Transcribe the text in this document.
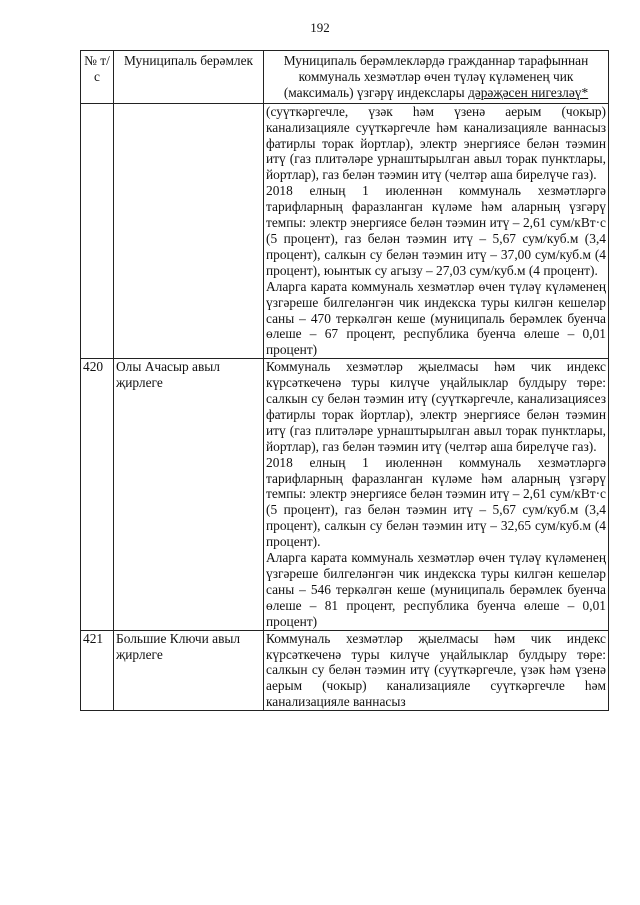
192
№ т/с	Муниципаль берәмлек	Муниципаль берәмлекләрдә гражданнар тарафыннан коммуналь хезмәтләр өчен түләү күләменең чик (максималь) үзгәрү индекслары дәрәҗәсен нигезләү*

		(суүткәргечле, үзәк һәм үзенә аерым (чокыр) канализацияле суүткәргечле һәм канализацияле ваннасыз фатирлы торак йортлар), электр энергиясе белән тәэмин итү (газ плитәләре урнаштырылган авыл торак пунктлары, йортлар), газ белән тәэмин итү (челтәр аша бирелүче газ).
2018 елның 1 июленнән коммуналь хезмәтләргә тарифларның фаразланган күләме һәм аларның үзгәрү темпы: электр энергиясе белән тәэмин итү – 2,61 сум/кВт·с (5 процент), газ белән тәэмин итү – 5,67 сум/куб.м (3,4 процент), салкын су белән тәэмин итү – 37,00 сум/куб.м (4 процент), юынтык су агызу – 27,03 сум/куб.м (4 процент).
Аларга карата коммуналь хезмәтләр өчен түләү күләменең үзгәреше билгеләнгән чик индекска туры килгән кешеләр саны – 470 теркәлгән кеше (муниципаль берәмлек буенча өлеше – 67 процент, республика буенча өлеше – 0,01 процент)

420	Олы Ачасыр авыл җирлеге	Коммуналь хезмәтләр җыелмасы һәм чик индекс күрсәткеченә туры килүче уңайлыклар булдыру төре: салкын су белән тәэмин итү (суүткәргечле, канализациясез фатирлы торак йортлар), электр энергиясе белән тәэмин итү (газ плитәләре урнаштырылган авыл торак пунктлары, йортлар), газ белән тәэмин итү (челтәр аша бирелүче газ).
2018 елның 1 июленнән коммуналь хезмәтләргә тарифларның фаразланган күләме һәм аларның үзгәрү темпы: электр энергиясе белән тәэмин итү – 2,61 сум/кВт·с (5 процент), газ белән тәэмин итү – 5,67 сум/куб.м (3,4 процент), салкын су белән тәэмин итү – 32,65 сум/куб.м (4 процент).
Аларга карата коммуналь хезмәтләр өчен түләү күләменең үзгәреше билгеләнгән чик индекска туры килгән кешеләр саны – 546 теркәлгән кеше (муниципаль берәмлек буенча өлеше – 81 процент, республика буенча өлеше – 0,01 процент)

421	Большие Ключи авыл җирлеге	Коммуналь хезмәтләр җыелмасы һәм чик индекс күрсәткеченә туры килүче уңайлыклар булдыру төре: салкын су белән тәэмин итү (суүткәргечле, үзәк һәм үзенә аерым (чокыр) канализацияле суүткәргечле һәм канализацияле ваннасыз
